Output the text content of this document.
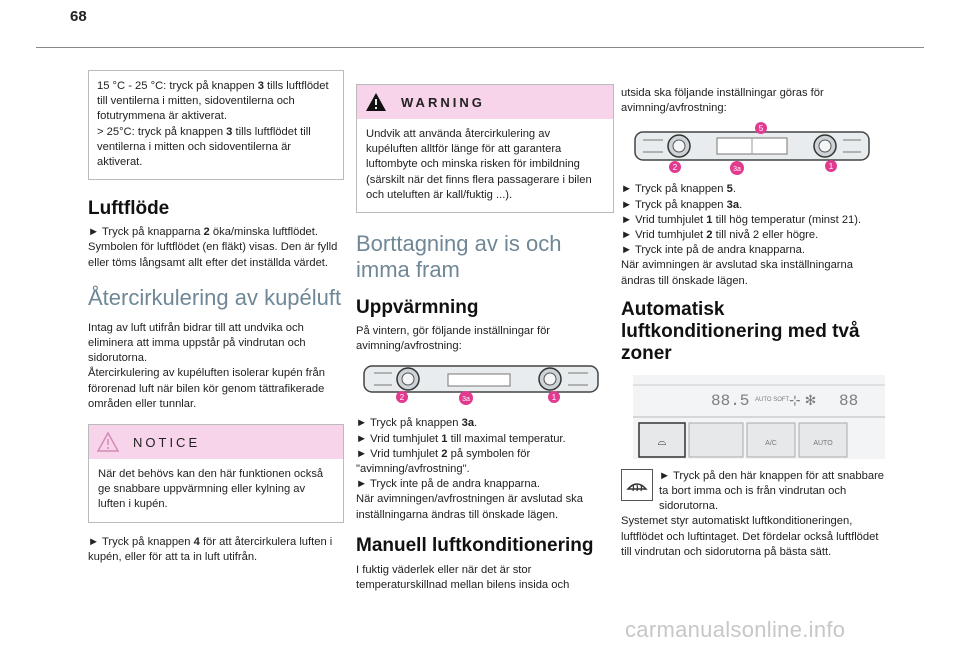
68

15 °C - 25 °C: tryck på knappen 3 tills luftflödet till ventilerna i mitten, sidoventilerna och fotutrymmena är aktiverat.

> 25°C: tryck på knappen 3 tills luftflödet till ventilerna i mitten och sidoventilerna är aktiverat.

Luftflöde

► Tryck på knapparna 2 öka/minska luftflödet. Symbolen för luftflödet (en fläkt) visas. Den är fylld eller töms långsamt allt efter det inställda värdet.

Återcirkulering av kupéluft

Intag av luft utifrån bidrar till att undvika och eliminera att imma uppstår på vindrutan och sidorutorna.

Återcirkulering av kupéluften isolerar kupén från förorenad luft när bilen kör genom tättrafikerade områden eller tunnlar.

NOTICE

När det behövs kan den här funktionen också ge snabbare uppvärmning eller kylning av luften i kupén.

► Tryck på knappen 4 för att återcirkulera luften i kupén, eller för att ta in luft utifrån.

WARNING

Undvik att använda återcirkulering av kupéluften alltför länge för att garantera luftombyte och minska risken för imbildning (särskilt när det finns flera passagerare i bilen och uteluften är kall/fuktig ...).

Borttagning av is och imma fram
Uppvärmning

På vintern, gör följande inställningar för avimning/avfrostning:

2	3a	1

► Tryck på knappen 3a.

► Vrid tumhjulet 1 till maximal temperatur.

► Vrid tumhjulet 2 på symbolen för "avimning/avfrostning".

► Tryck inte på de andra knapparna.

När avimningen/avfrostningen är avslutad ska inställningarna ändras till önskade lägen.

Manuell luftkonditionering

I fuktig väderlek eller när det är stor temperaturskillnad mellan bilens insida och

utsida ska följande inställningar göras för avimning/avfrostning:

5
2	3a	1

► Tryck på knappen 5.

► Tryck på knappen 3a.

► Vrid tumhjulet 1 till hög temperatur (minst 21).

► Vrid tumhjulet 2 till nivå 2 eller högre.

► Tryck inte på de andra knapparna.

När avimningen är avslutad ska inställningarna ändras till önskade lägen.

Automatisk luftkonditionering med två zoner
88.5 AUTO SOFT ⊹ ✻ 88
⌓	A/C	AUTO

► Tryck på den här knappen för att snabbare ta bort imma och is från vindrutan och sidorutorna.

Systemet styr automatiskt luftkonditioneringen, luftflödet och luftintaget. Det fördelar också luftflödet till vindrutan och sidorutorna på bästa sätt.

carmanualsonline.info
